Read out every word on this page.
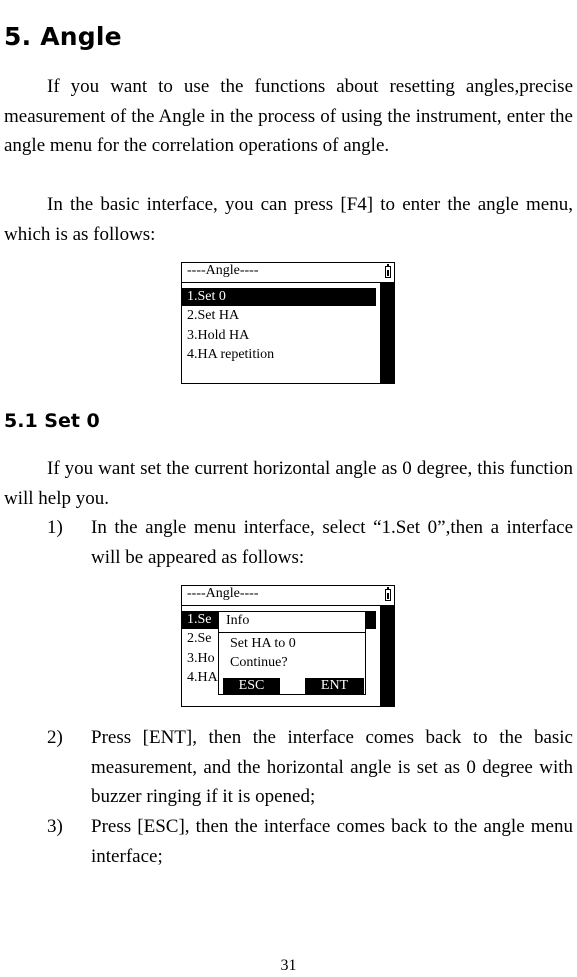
5. Angle

If you want to use the functions about resetting angles,precise measurement of the Angle in the process of using the instrument, enter the angle menu for the correlation operations of angle.

In the basic interface, you can press [F4] to enter the angle menu, which is as follows:

----Angle----
1.Set 0
2.Set HA
3.Hold HA
4.HA repetition
5.1 Set 0

If you want set the current horizontal angle as 0 degree, this function will help you.

1) In the angle menu interface, select “1.Set 0”,then a interface will be appeared as follows:
----Angle----
1.Se
2.Se
3.Ho
4.HA
Info
Set HA to 0
Continue?
ESC	ENT
2) Press [ENT], then the interface comes back to the basic measurement, and the horizontal angle is set as 0 degree with buzzer ringing if it is opened;
3) Press [ESC], then the interface comes back to the angle menu interface;
31
